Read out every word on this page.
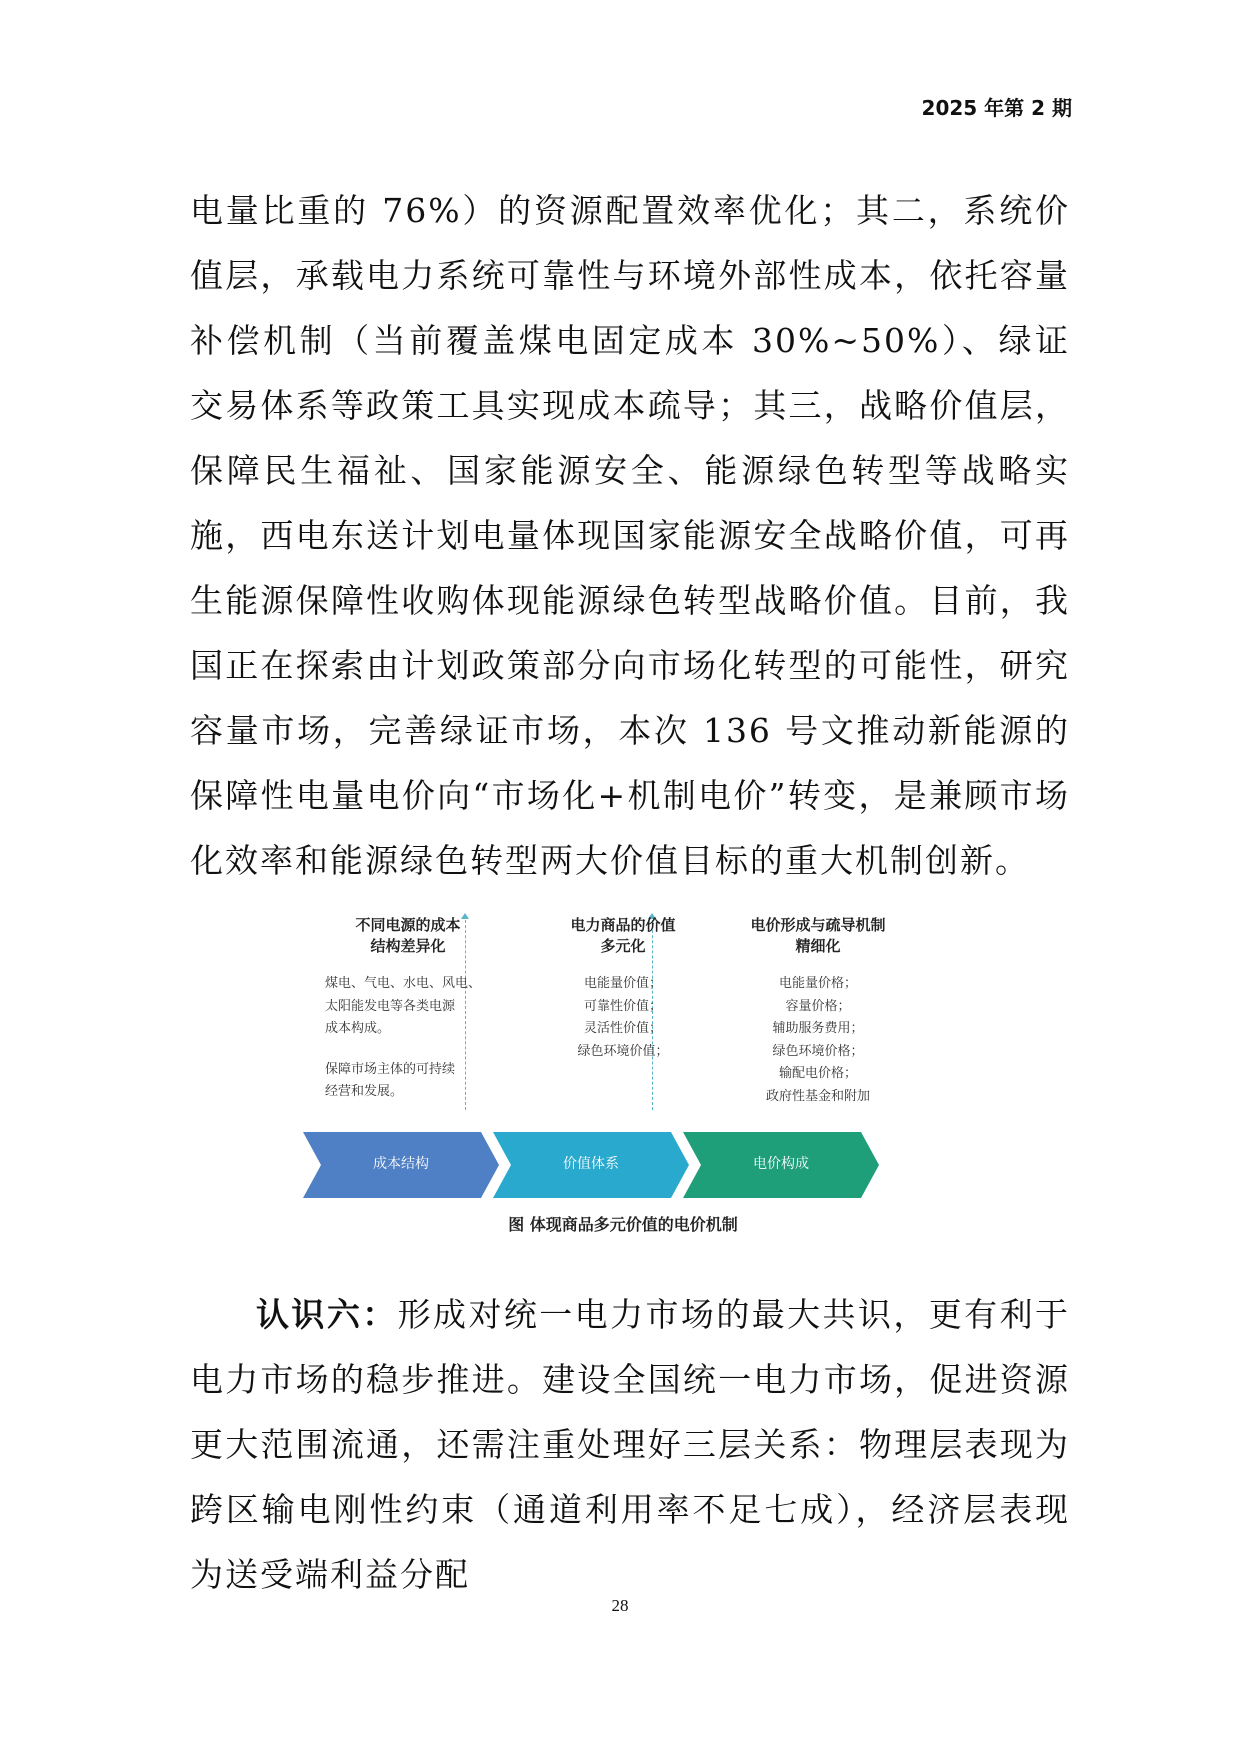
2025 年第 2 期

电量比重的 76%）的资源配置效率优化；其二，系统价值层，承载电力系统可靠性与环境外部性成本，依托容量补偿机制（当前覆盖煤电固定成本 30%~50%）、绿证交易体系等政策工具实现成本疏导；其三，战略价值层，保障民生福祉、国家能源安全、能源绿色转型等战略实施，西电东送计划电量体现国家能源安全战略价值，可再生能源保障性收购体现能源绿色转型战略价值。目前，我国正在探索由计划政策部分向市场化转型的可能性，研究容量市场，完善绿证市场，本次 136 号文推动新能源的保障性电量电价向“市场化+机制电价”转变，是兼顾市场化效率和能源绿色转型两大价值目标的重大机制创新。

不同电源的成本
结构差异化
煤电、气电、水电、风电、
太阳能发电等各类电源
成本构成。
保障市场主体的可持续
经营和发展。
电力商品的价值
多元化
电能量价值；
可靠性价值；
灵活性价值；
绿色环境价值；
电价形成与疏导机制
精细化
电能量价格；
容量价格；
辅助服务费用；
绿色环境价格；
输配电价格；
政府性基金和附加
成本结构	价值体系	电价构成
图 体现商品多元价值的电价机制

认识六：形成对统一电力市场的最大共识，更有利于电力市场的稳步推进。建设全国统一电力市场，促进资源更大范围流通，还需注重处理好三层关系：物理层表现为跨区输电刚性约束（通道利用率不足七成），经济层表现为送受端利益分配

28
